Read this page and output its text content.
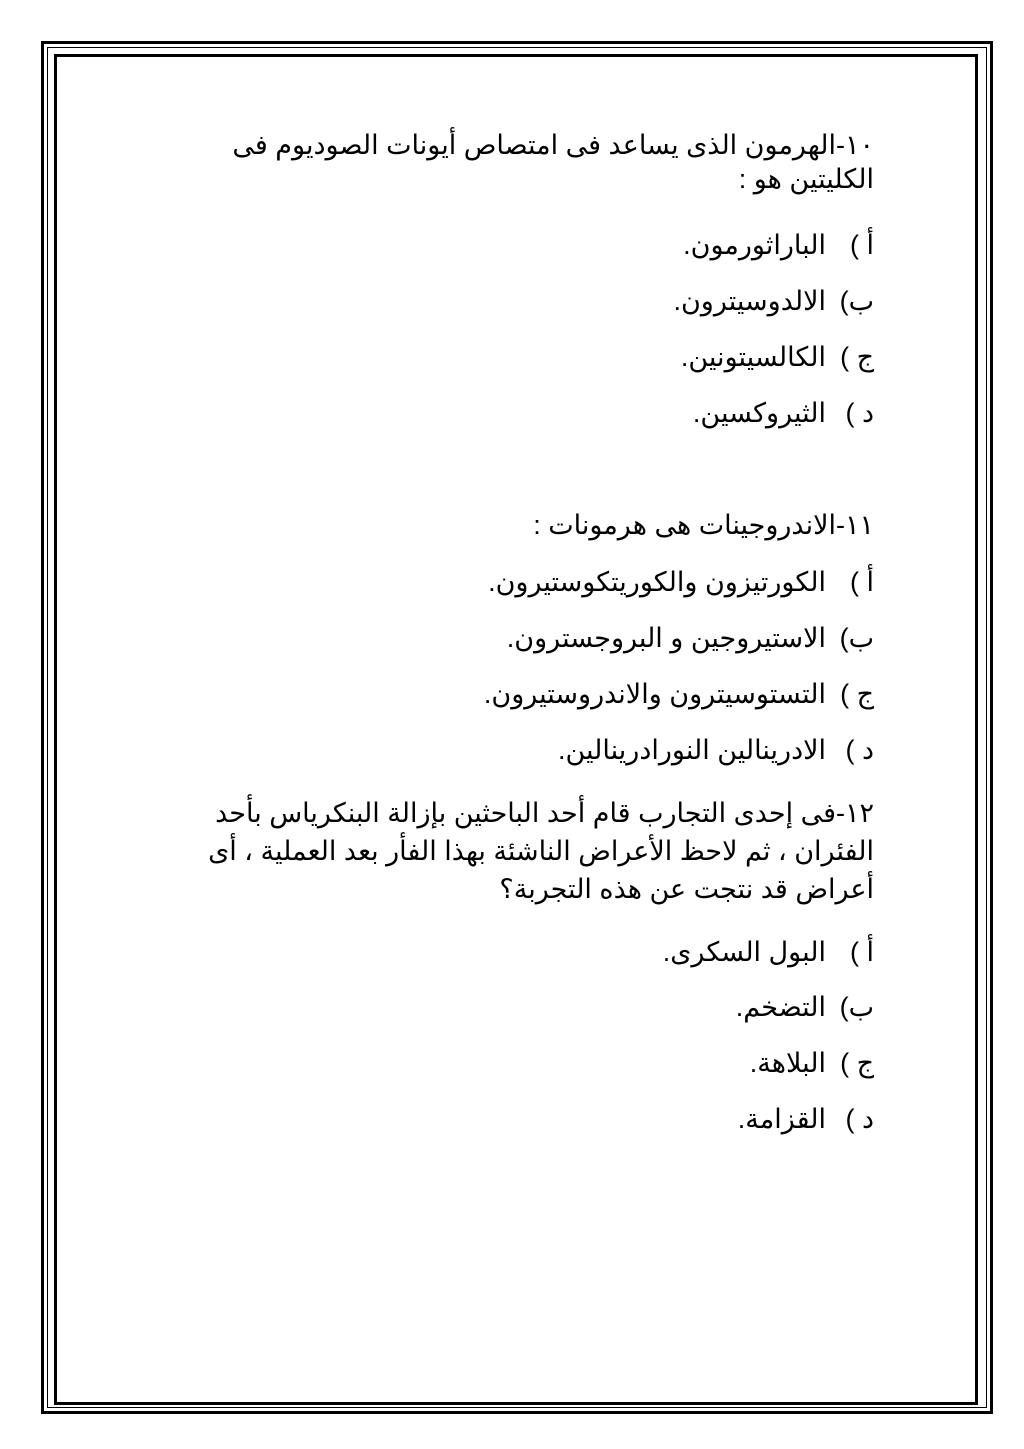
١٠-الهرمون الذى يساعد فى امتصاص أيونات الصوديوم فى
الكليتين هو :
أ )الباراثورمون.
ب)الالدوسيترون.
ج )الكالسيتونين.
د )الثيروكسين.
١١-الاندروجينات هى هرمونات :
أ )الكورتيزون والكوريتكوستيرون.
ب)الاستيروجين و البروجسترون.
ج )التستوسيترون والاندروستيرون.
د )الادرينالين النورادرينالين.
١٢-فى إحدى التجارب قام أحد الباحثين بإزالة البنكرياس بأحد
الفئران ، ثم لاحظ الأعراض الناشئة بهذا الفأر بعد العملية ، أى
أعراض قد نتجت عن هذه التجربة؟
أ )البول السكرى.
ب)التضخم.
ج )البلاهة.
د )القزامة.
